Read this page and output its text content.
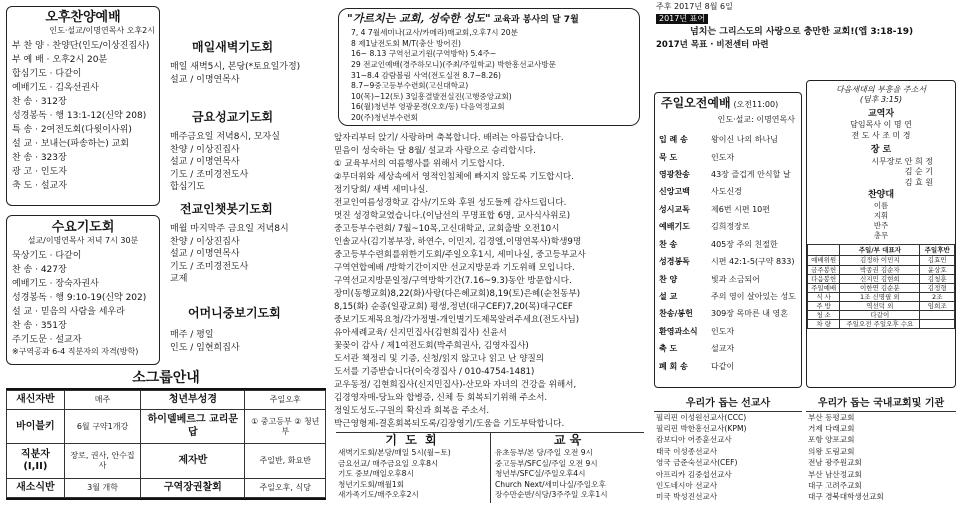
오후찬양예배
인도·설교/이명연목사 오후2시
부 찬 양 · 찬양단(인도/이상진집사)
부 예 배 · 오후2시 20분
합심기도 · 다같이
예배기도 · 김옥선권사
찬 송 · 312장
성경봉독 · 행 13:1-12(신약 208)
특 송 · 2여전도회(다윗이사위)
설 교 · 보내는(파송하는) 교회
찬 송 · 323장
광 고 · 인도자
축 도 · 설교자
수요기도회
설교/이명연목사 저녁 7시 30분
묵상기도 · 다같이
찬 송 · 427장
예배기도 · 장숙자권사
성경봉독 · 행 9:10-19(신약 202)
설 교 · 믿음의 사람을 세우라
찬 송 · 351장
주기도문 · 설교자
※구역공과 6-4 직분자의 자격(방학)
매일새벽기도회
매일 새벽5시, 본당(*토요일가정)
설교 / 이명연목사
금요성교기도회
매주금요일 저녁8시, 모자실
찬양 / 이상진집사
설교 / 이명연목사
기도 / 조미경전도사
합심기도
전교인챗봇기도회
매월 마지막주 금요일 저녁8시
찬양 / 이상진집사
설교 / 이명연목사
기도 / 조미경전도사
교제
어머니중보기도회
매주 / 평일
인도 / 임현희집사
소그룹안내
새신자반	매주	청년부성경	주일오후
바이블키	6월 구약1개강	하이델베르그 교리문답	① 중고등부 ② 청년부
직분자(I,II)	장로, 권사, 안수집사	제자반	주일반, 화요반
새소식반	3월 개학	구역장권찰회	주일오후, 식당
"가르치는 교회, 성숙한 성도" 교육과 봉사의 달 7월
7, 4 7월세미나(교사/카메라)매교회,오후7시 20분
8 제1날전도회 M/T(충산 방어진)
16~ 8.13 구역선교기원(구역방학) 5.4주~
29 전교인예배(경주하모니)(주최/주일학교) 박한흥선교사방문
31~8.4 감람볼림 사역(전도실전 8.7~8.26)
8.7~9중고등부수련회(고신대학교)
10(목)~12(토) 3일흥결발전실진(고행중앙교회)
16(월)청년부 영광문경(오호/동) 다음역정교회
20(주)청년부수련회
앞자리부터 앉기/ 사랑하며 축복합니다. 배려는 아름답습니다.
믿음이 성숙하는 달 8월/ 설교과 사랑으로 승리합시다.
① 교육부서의 여름행사를 위해서 기도합시다.
②무더위와 세상속에서 영적인침체에 빠지지 않도록 기도합시다.
정기당회/ 새벽 세미나실.
전교인여름성경학교 감사/기도와 후원 성도들께 감사드립니다.
멋진 성경학교였습니다.(이남선의 무명표합 6명, 교사식사위로)
중고등부수련회/ 7월~10목,고신대학교, 교회출발 오전10시
인솔교사(김기봉부장, 하연수, 이민지, 김경엘,이명연목사)학생9명
중고등부수련회를위한기도회/주일오후1시, 세미나실, 중고등부교사
구역연합예배 /방학기간이지만 선교지방문과 기도위해 모입니다.
구역선교지방문일정/구역방학기간(7.16~9.3)동안 방문합시다.
장미(동행교회)8,22(화)사랑(다은헤교회)8,19(토)은혜(순천동부)
8,15(화) 순종(일광교회) 평생,정년(대구CEF)7,20(목)대구CEF
중보기도제목요청/각가정별-개인별기도제목알려주세요(전도사님)
유아세례교육/ 신지민집사(김현희집사) 신윤서
꽃꽂이 감사 / 제1여전도회(박주희권사, 김영자집사)
도서관 책정리 및 기증, 신청/읽지 않고나 읽고 난 양질의
도서를 기증받습니다(이숙경집사 / 010-4754-1481)
교우동정/ 김현희집사(신지민집사)-산모와 자녀의 건강을 위해서,
김경영자매-당뇨와 합병증, 신체 등 회복되기위해 주소서.
정일도성도-구원의 확신과 회복을 주소서.
박근영형제-결혼회복되도록/김장영기/도움을 기도부탁합니다.
기 도 회
새벽기도회/본당/매일 5시(월~토)
금요선교/ 매주금요일 오후8시
기도 중보/매일오후8시
청년기도회/매월1회
새가족기도/매주오후2시
교 육
유초등부/본 당/주일 오전 9시
중고등부/SFC실/주일 오전 9시
청년부/SFC실/주일오후4시
Church Next/세미나실/주일오후
장수만순반/식당/3주주일 오후1시
주후 2017년 8월 6일
2017년 표어
넘치는 그리스도의 사랑으로 충만한 교회!(엡 3:18-19)
2017년 목표 · 비전센터 마련
주일오전예배 (오전11:00)
인도·설교: 이명연목사
입 례 송	왕이신 나의 하나님
묵 도	인도자
영광찬송	43장 즐겁게 안식할 날
신앙고백	사도신경
성시교독	제6번 시편 10편
예배기도	김희정장로
찬 송	405장 주의 친절한
성경봉독	시편 42:1-5(구약 833)
찬 양	빛과 소금되어
설 교	주의 영이 살아있는 성도
찬송/봉헌 309장 목마른 내 영혼
환영과소식 인도자
축 도	설교자
폐 회 송	다같이
다음세대의 부흥을 주소서
(딤후 3:15)
교역자
담임목사 이 명 연
전 도 사 조 미 경
장 로
시무장로 안 희 정
김 순 기
김 효 원
찬양대
이름
지휘
반주
총무
	주일/부 대표자	주일후반
예배위원	김정하 이민지	김효민
금주봉헌	박종권 김순자	윤상호
다음봉헌	신지민 김현희	김청훈
주일예배	이한연 김순분	김정형
식 사	1조 신명필 외	2조
주 방	역선덕 외	임희조
청 소	다같이	
차 량	주일오전 주일오후 수요	
우리가 돕는 선교사
필리핀 이성원선교사(CCC)
필리핀 박한흥선교사(KPM)
캄보디아 어종훈선교사
태국 이성종선교사
영국 금준숙선교사(CEF)
아프리카 김중섭선교사
인도네시아 선교사
미국 박성진선교사
우리가 돕는 국내교회및 기관
부산 동평교회
거제 다래교회
포항 양포교회
의왕 도림교회
전남 광주원교회
부산 남산정교회
대구 고려주교회
대구 경북대학생선교회
